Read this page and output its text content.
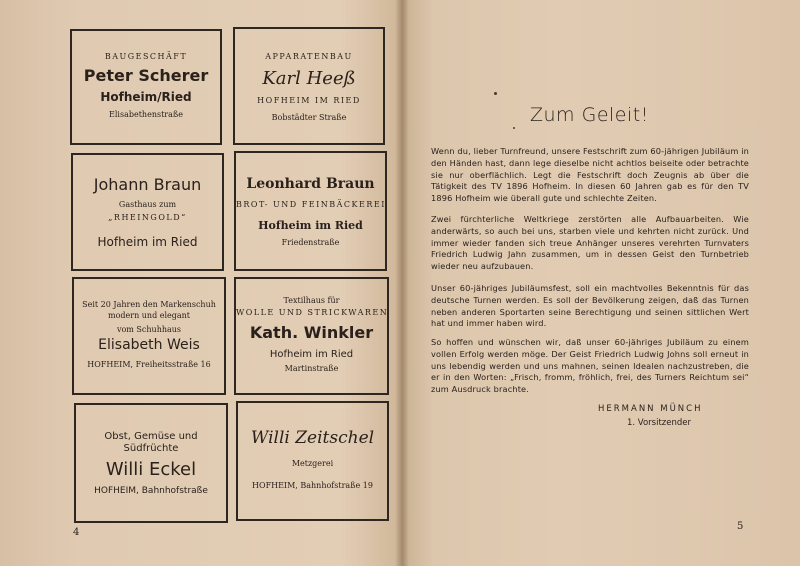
BAUGESCHÄFT
Peter Scherer
Hofheim/Ried
Elisabethenstraße
APPARATENBAU
Karl Heeß
HOFHEIM IM RIED
Bobstädter Straße
Johann Braun
Gasthaus zum
„RHEINGOLD“
Hofheim im Ried
Leonhard Braun
BROT- UND FEINBÄCKEREI
Hofheim im Ried
Friedenstraße
Seit 20 Jahren den Markenschuh
modern und elegant
vom Schuhhaus
Elisabeth Weis
HOFHEIM, Freiheitsstraße 16
Textilhaus für
WOLLE UND STRICKWAREN
Kath. Winkler
Hofheim im Ried
Martinstraße
Obst, Gemüse und
Südfrüchte
Willi Eckel
HOFHEIM, Bahnhofstraße
Willi Zeitschel
Metzgerei
HOFHEIM, Bahnhofstraße 19
4
Zum Geleit!
Wenn du, lieber Turnfreund, unsere Festschrift zum 60-jährigen Jubiläum in den Händen hast, dann lege dieselbe nicht achtlos beiseite oder betrachte sie nur oberflächlich. Legt die Festschrift doch Zeugnis ab über die Tätigkeit des TV 1896 Hofheim. In diesen 60 Jahren gab es für den TV 1896 Hofheim wie überall gute und schlechte Zeiten.
Zwei fürchterliche Weltkriege zerstörten alle Aufbauarbeiten. Wie anderwärts, so auch bei uns, starben viele und kehrten nicht zurück. Und immer wieder fanden sich treue Anhänger unseres verehrten Turnvaters Friedrich Ludwig Jahn zusammen, um in dessen Geist den Turnbetrieb wieder neu aufzubauen.
Unser 60-jähriges Jubiläumsfest, soll ein machtvolles Bekenntnis für das deutsche Turnen werden. Es soll der Bevölkerung zeigen, daß das Turnen neben anderen Sportarten seine Berechtigung und seinen sittlichen Wert hat und immer haben wird.
So hoffen und wünschen wir, daß unser 60-jähriges Jubiläum zu einem vollen Erfolg werden möge. Der Geist Friedrich Ludwig Johns soll erneut in uns lebendig werden und uns mahnen, seinen Idealen nachzustreben, die er in den Worten: „Frisch, fromm, fröhlich, frei, des Turners Reichtum sei“ zum Ausdruck brachte.
HERMANN MÜNCH
1. Vorsitzender
5
